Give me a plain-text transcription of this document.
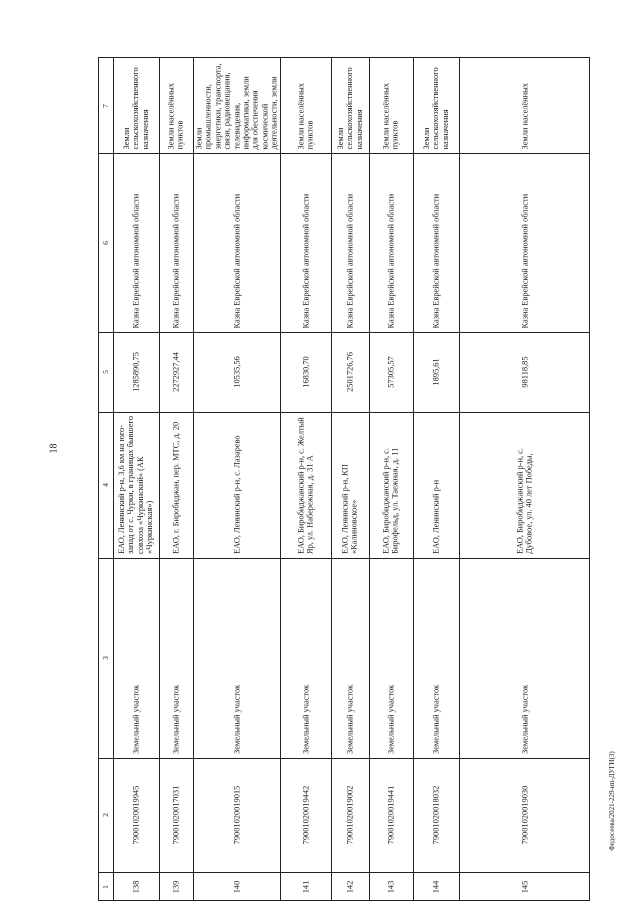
18
Федосеева/2021-229-ип-ДУГИ(3)
1
2
3
4
5
6
7
138
79001020019945
Земельный участок
ЕАО, Ленинский р-н, 3,6 км на юго-запад от с. Чурки, в границах бывшего совхоза «Чуркинский» (АК «Чуркинская»)
1285890,75
Казна Еврейской автономной области
Земли сельскохозяйственного назначения
139
79001020017031
Земельный участок
ЕАО, г. Биробиджан, пер. МТС, д. 20
2272927,44
Казна Еврейской автономной области
Земли населённых пунктов
140
79001020019015
Земельный участок
ЕАО, Ленинский р-н, с. Лазарево
10535,56
Казна Еврейской автономной области
Земли промышленности, энергетики, транспорта, связи, радиовещания, телевидения, информатики, земли для обеспечения космической деятельности, земли
141
79001020019442
Земельный участок
ЕАО, Биробиджанский р-н, с. Желтый Яр, ул. Набережная, д. 31 А
16830,70
Казна Еврейской автономной области
Земли населённых пунктов
142
79001020019002
Земельный участок
ЕАО, Ленинский р-н, КП «Калиновское»
2501726,76
Казна Еврейской автономной области
Земли сельскохозяйственного назначения
143
79001020019441
Земельный участок
ЕАО, Биробиджанский р-н, с. Бирофельд, ул. Таежная, д. 11
57305,57
Казна Еврейской автономной области
Земли населённых пунктов
144
79001020018032
Земельный участок
ЕАО, Ленинский р-н
1895,61
Казна Еврейской автономной области
Земли сельскохозяйственного назначения
145
79001020019030
Земельный участок
ЕАО, Биробиджанский р-н, с. Дубовое, ул. 40 лет Победы,
98118,85
Казна Еврейской автономной области
Земли населённых
